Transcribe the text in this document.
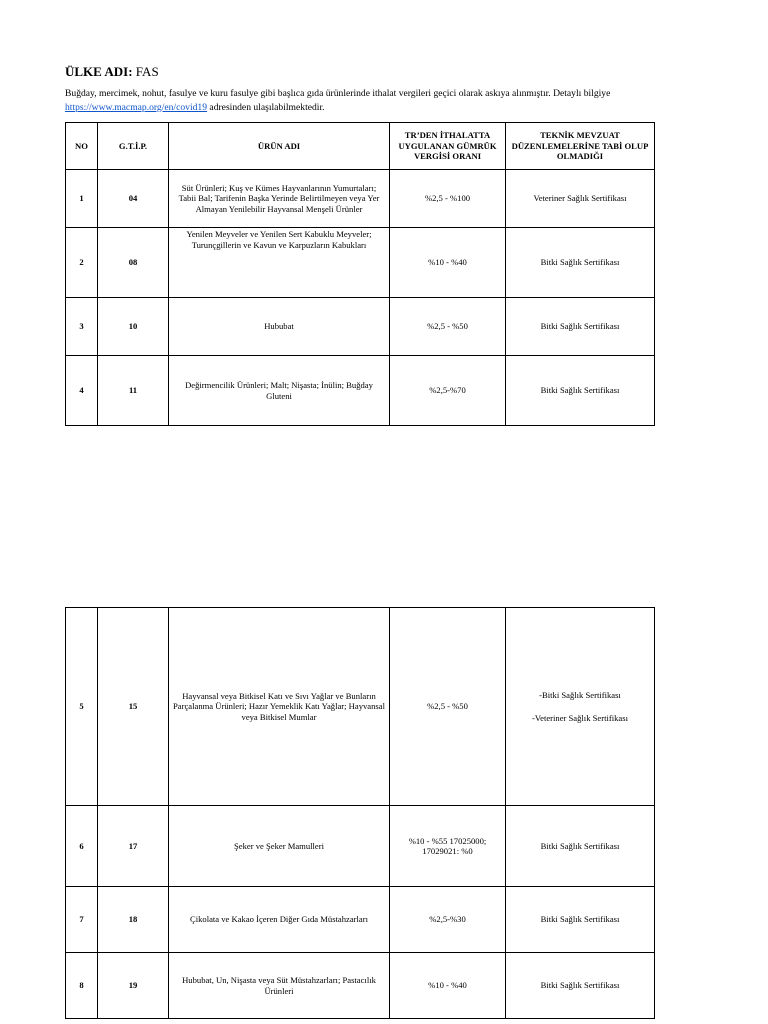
ÜLKE ADI: FAS
Buğday, mercimek, nohut, fasulye ve kuru fasulye gibi başlıca gıda ürünlerinde ithalat vergileri geçici olarak askıya alınmıştır. Detaylı bilgiye https://www.macmap.org/en/covid19 adresinden ulaşılabilmektedir.
NO	G.T.İ.P.	ÜRÜN ADI	TR’DEN İTHALATTA UYGULANAN GÜMRÜK VERGİSİ ORANI	TEKNİK MEVZUAT DÜZENLEMELERİNE TABİ OLUP OLMADIĞI
1	04	Süt Ürünleri; Kuş ve Kümes Hayvanlarının Yumurtaları; Tabii Bal; Tarifenin Başka Yerinde Belirtilmeyen veya Yer Almayan Yenilebilir Hayvansal Menşeli Ürünler	%2,5 - %100	Veteriner Sağlık Sertifikası
2	08	Yenilen Meyveler ve Yenilen Sert Kabuklu Meyveler; Turunçgillerin ve Kavun ve Karpuzların Kabukları	%10 - %40	Bitki Sağlık Sertifikası
3	10	Hububat	%2,5 - %50	Bitki Sağlık Sertifikası
4	11	Değirmencilik Ürünleri; Malt; Nişasta; İnülin; Buğday Gluteni	%2,5-%70	Bitki Sağlık Sertifikası
5	15	Hayvansal veya Bitkisel Katı ve Sıvı Yağlar ve Bunların Parçalanma Ürünleri; Hazır Yemeklik Katı Yağlar; Hayvansal veya Bitkisel Mumlar	%2,5 - %50	-Bitki Sağlık Sertifikası
-Veteriner Sağlık Sertifikası

6	17	Şeker ve Şeker Mamulleri	%10 - %55 17025000; 17029021: %0	Bitki Sağlık Sertifikası
7	18	Çikolata ve Kakao İçeren Diğer Gıda Müstahzarları	%2,5-%30	Bitki Sağlık Sertifikası
8	19	Hububat, Un, Nişasta veya Süt Müstahzarları; Pastacılık Ürünleri	%10 - %40	Bitki Sağlık Sertifikası
